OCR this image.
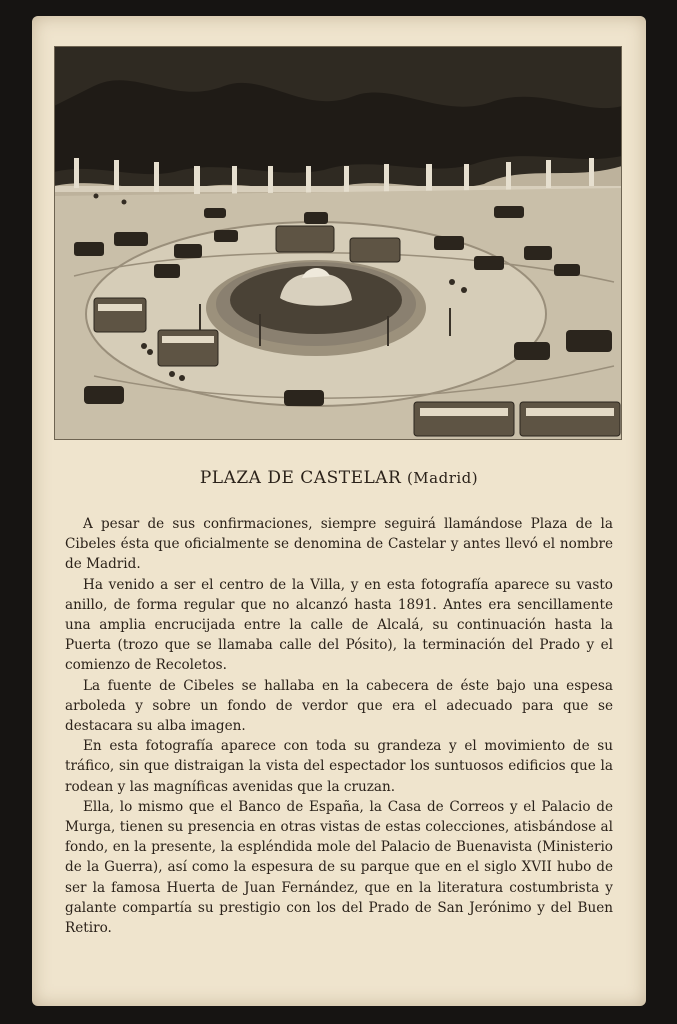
PLAZA DE CASTELAR (Madrid)

A pesar de sus confirmaciones, siempre seguirá llamándose Plaza de la Cibeles ésta que oficialmente se denomina de Castelar y antes llevó el nombre de Madrid.

Ha venido a ser el centro de la Villa, y en esta fotografía aparece su vasto anillo, de forma regular que no alcanzó hasta 1891. Antes era sencillamente una amplia encrucijada entre la calle de Alcalá, su continuación hasta la Puerta (trozo que se llamaba calle del Pósito), la terminación del Prado y el comienzo de Recoletos.

La fuente de Cibeles se hallaba en la cabecera de éste bajo una espesa arboleda y sobre un fondo de verdor que era el adecuado para que se destacara su alba imagen.

En esta fotografía aparece con toda su grandeza y el movimiento de su tráfico, sin que distraigan la vista del espectador los suntuosos edificios que la rodean y las magníficas avenidas que la cruzan.

Ella, lo mismo que el Banco de España, la Casa de Correos y el Palacio de Murga, tienen su presencia en otras vistas de estas colecciones, atisbándose al fondo, en la presente, la espléndida mole del Palacio de Buenavista (Ministerio de la Guerra), así como la espesura de su parque que en el siglo XVII hubo de ser la famosa Huerta de Juan Fernández, que en la literatura costumbrista y galante compartía su prestigio con los del Prado de San Jerónimo y del Buen Retiro.
